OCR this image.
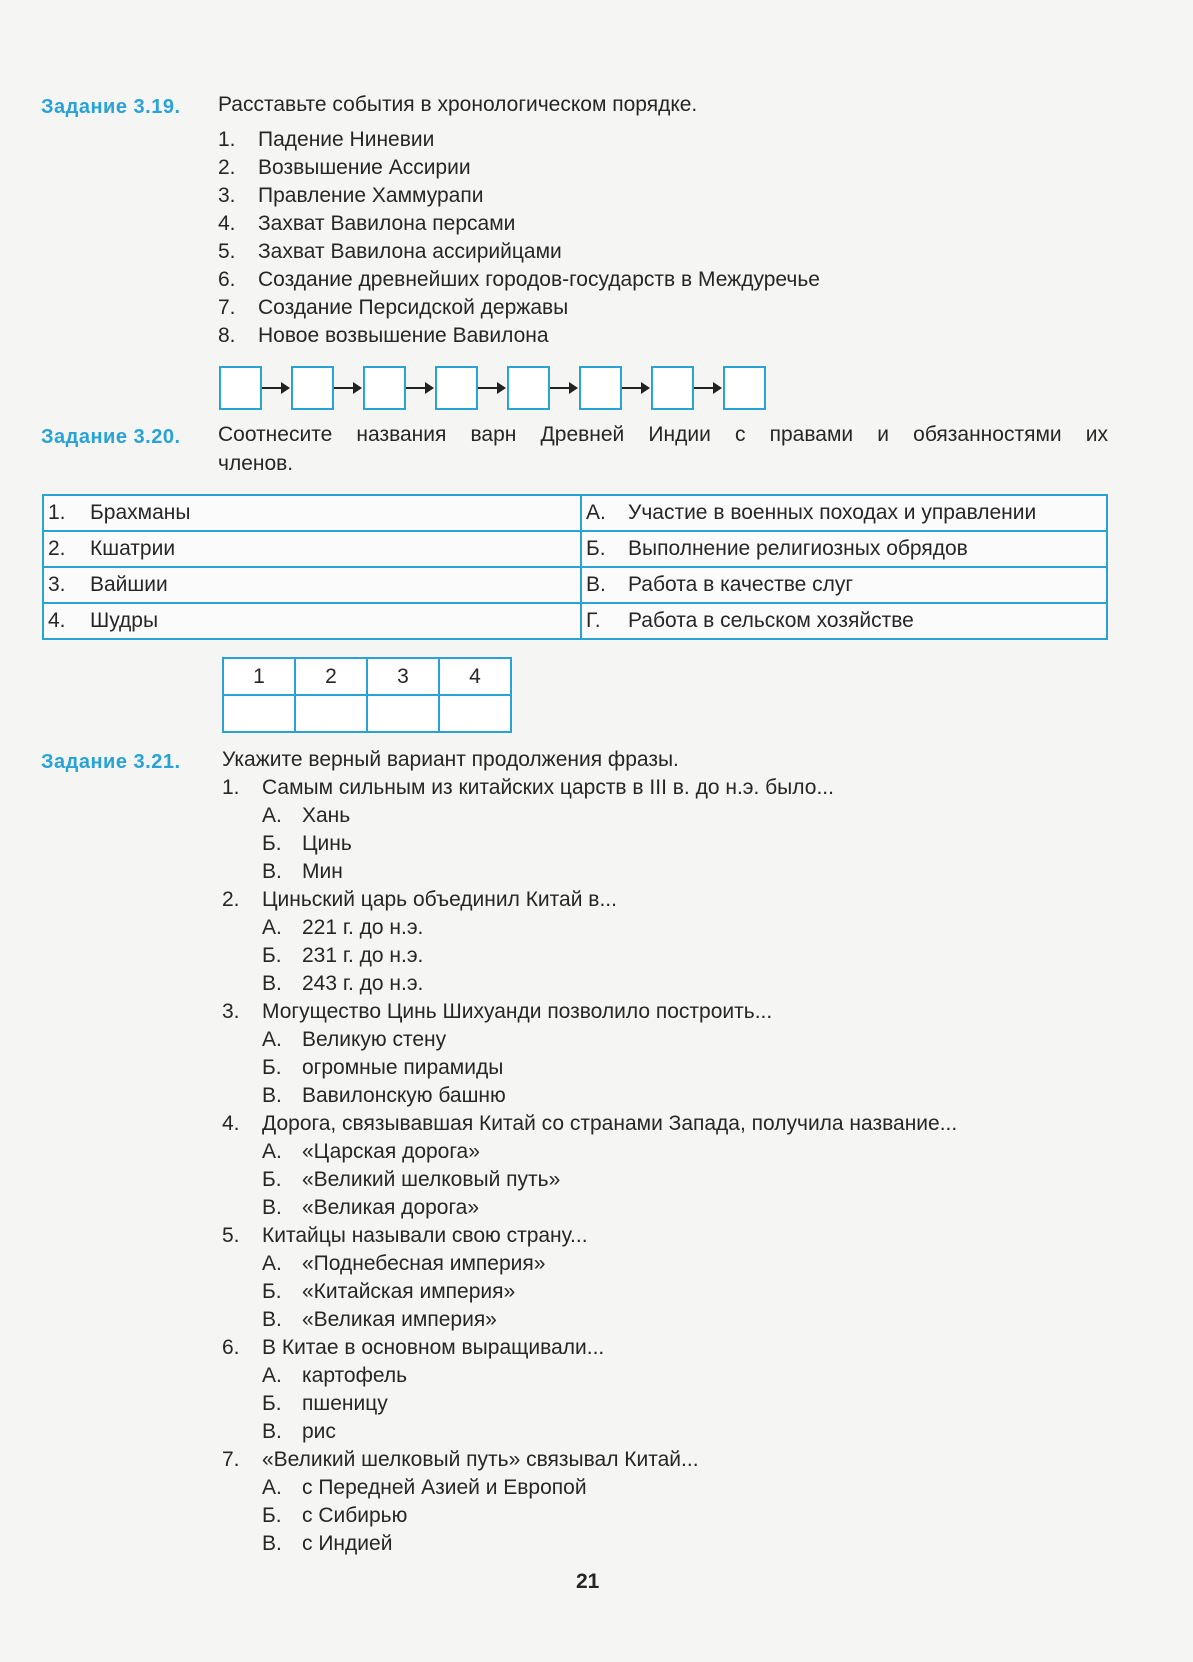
Задание 3.19. Расставьте события в хронологическом порядке.
1. Падение Ниневии
2. Возвышение Ассирии
3. Правление Хаммурапи
4. Захват Вавилона персами
5. Захват Вавилона ассирийцами
6. Создание древнейших городов-государств в Междуречье
7. Создание Персидской державы
8. Новое возвышение Вавилона
Задание 3.20. Соотнесите названия варн Древней Индии с правами и обязанностями их
членов.
1. Брахманы	А. Участие в военных походах и управлении
2. Кшатрии	Б. Выполнение религиозных обрядов
3. Вайшии	В. Работа в качестве слуг
4. Шудры	Г. Работа в сельском хозяйстве
1	2	3	4

Задание 3.21. Укажите верный вариант продолжения фразы.
1. Самым сильным из китайских царств в III в. до н.э. было...
А. Хань
Б. Цинь
В. Мин
2. Циньский царь объединил Китай в...
А. 221 г. до н.э.
Б. 231 г. до н.э.
В. 243 г. до н.э.
3. Могущество Цинь Шихуанди позволило построить...
А. Великую стену
Б. огромные пирамиды
В. Вавилонскую башню
4. Дорога, связывавшая Китай со странами Запада, получила название...
А. «Царская дорога»
Б. «Великий шелковый путь»
В. «Великая дорога»
5. Китайцы называли свою страну...
А. «Поднебесная империя»
Б. «Китайская империя»
В. «Великая империя»
6. В Китае в основном выращивали...
А. картофель
Б. пшеницу
В. рис
7. «Великий шелковый путь» связывал Китай...
А. с Передней Азией и Европой
Б. с Сибирью
В. с Индией
21
